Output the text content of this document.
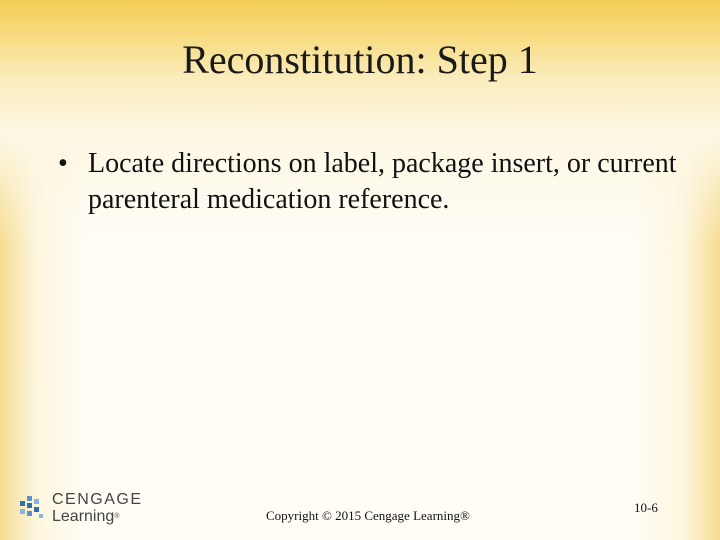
Reconstitution: Step 1
• Locate directions on label, package insert, or current parenteral medication reference.
CENGAGE
Learning®	Copyright © 2015 Cengage Learning®
10-6
